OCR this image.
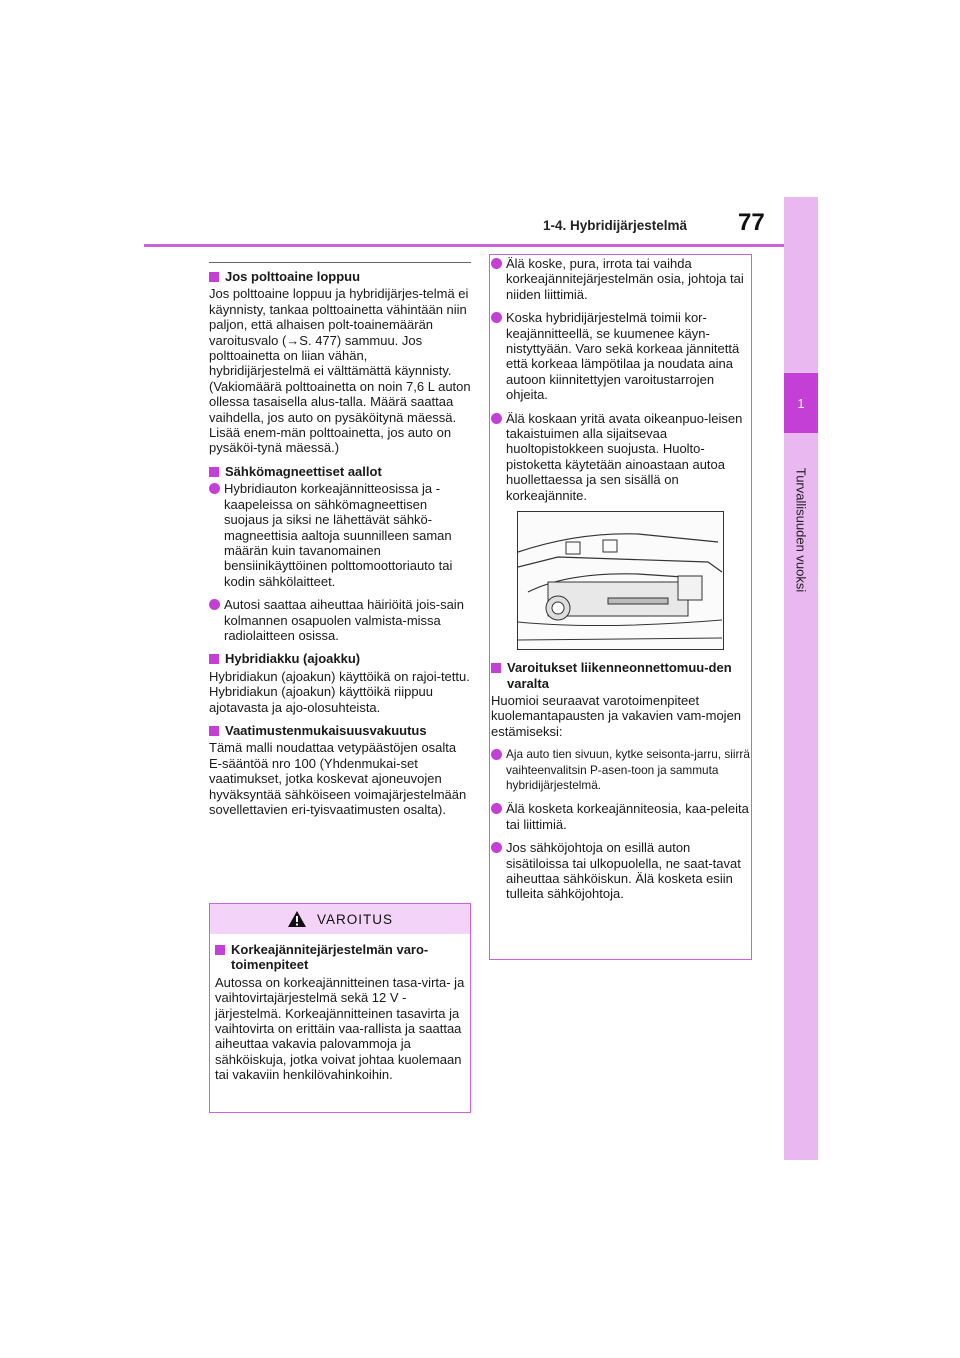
1
Turvallisuuden vuoksi
1-4. Hybridijärjestelmä 77
Jos polttoaine loppuu

Jos polttoaine loppuu ja hybridijärjes-telmä ei käynnisty, tankaa polttoainetta vähintään niin paljon, että alhaisen polt-toainemäärän varoitusvalo (→S. 477) sammuu. Jos polttoainetta on liian vähän, hybridijärjestelmä ei välttämättä käynnisty. (Vakiomäärä polttoainetta on noin 7,6 L auton ollessa tasaisella alus-talla. Määrä saattaa vaihdella, jos auto on pysäköitynä mäessä. Lisää enem-män polttoainetta, jos auto on pysäköi-tynä mäessä.)

Sähkömagneettiset aallot
Hybridiauton korkeajännitteosissa ja -kaapeleissa on sähkömagneettisen suojaus ja siksi ne lähettävät sähkö-magneettisia aaltoja suunnilleen saman määrän kuin tavanomainen bensiinikäyttöinen polttomoottoriauto tai kodin sähkölaitteet.
Autosi saattaa aiheuttaa häiriöitä jois-sain kolmannen osapuolen valmista-missa radiolaitteen osissa.
Hybridiakku (ajoakku)

Hybridiakun (ajoakun) käyttöikä on rajoi-tettu. Hybridiakun (ajoakun) käyttöikä riippuu ajotavasta ja ajo-olosuhteista.

Vaatimustenmukaisuusvakuutus

Tämä malli noudattaa vetypäästöjen osalta E-sääntöä nro 100 (Yhdenmukai-set vaatimukset, jotka koskevat ajoneuvojen hyväksyntää sähköiseen voimajärjestelmään sovellettavien eri-tyisvaatimusten osalta).

VAROITUS
Korkeajännitejärjestelmän varo-toimenpiteet

Autossa on korkeajännitteinen tasa-virta- ja vaihtovirtajärjestelmä sekä 12 V -järjestelmä. Korkeajännitteinen tasavirta ja vaihtovirta on erittäin vaa-rallista ja saattaa aiheuttaa vakavia palovammoja ja sähköiskuja, jotka voivat johtaa kuolemaan tai vakaviin henkilövahinkoihin.

Älä koske, pura, irrota tai vaihda korkeajännitejärjestelmän osia, johtoja tai niiden liittimiä.
Koska hybridijärjestelmä toimii kor-keajännitteellä, se kuumenee käyn-nistyttyään. Varo sekä korkeaa jännitettä että korkeaa lämpötilaa ja noudata aina autoon kiinnitettyjen varoitustarrojen ohjeita.
Älä koskaan yritä avata oikeanpuo-leisen takaistuimen alla sijaitsevaa huoltopistokkeen suojusta. Huolto-pistoketta käytetään ainoastaan autoa huollettaessa ja sen sisällä on korkeajännite.
Varoitukset liikenneonnettomuu-den varalta

Huomioi seuraavat varotoimenpiteet kuolemantapausten ja vakavien vam-mojen estämiseksi:

Aja auto tien sivuun, kytke seisonta-jarru, siirrä vaihteenvalitsin P-asen-toon ja sammuta hybridijärjestelmä.
Älä kosketa korkeajänniteosia, kaa-peleita tai liittimiä.
Jos sähköjohtoja on esillä auton sisätiloissa tai ulkopuolella, ne saat-tavat aiheuttaa sähköiskun. Älä kosketa esiin tulleita sähköjohtoja.
